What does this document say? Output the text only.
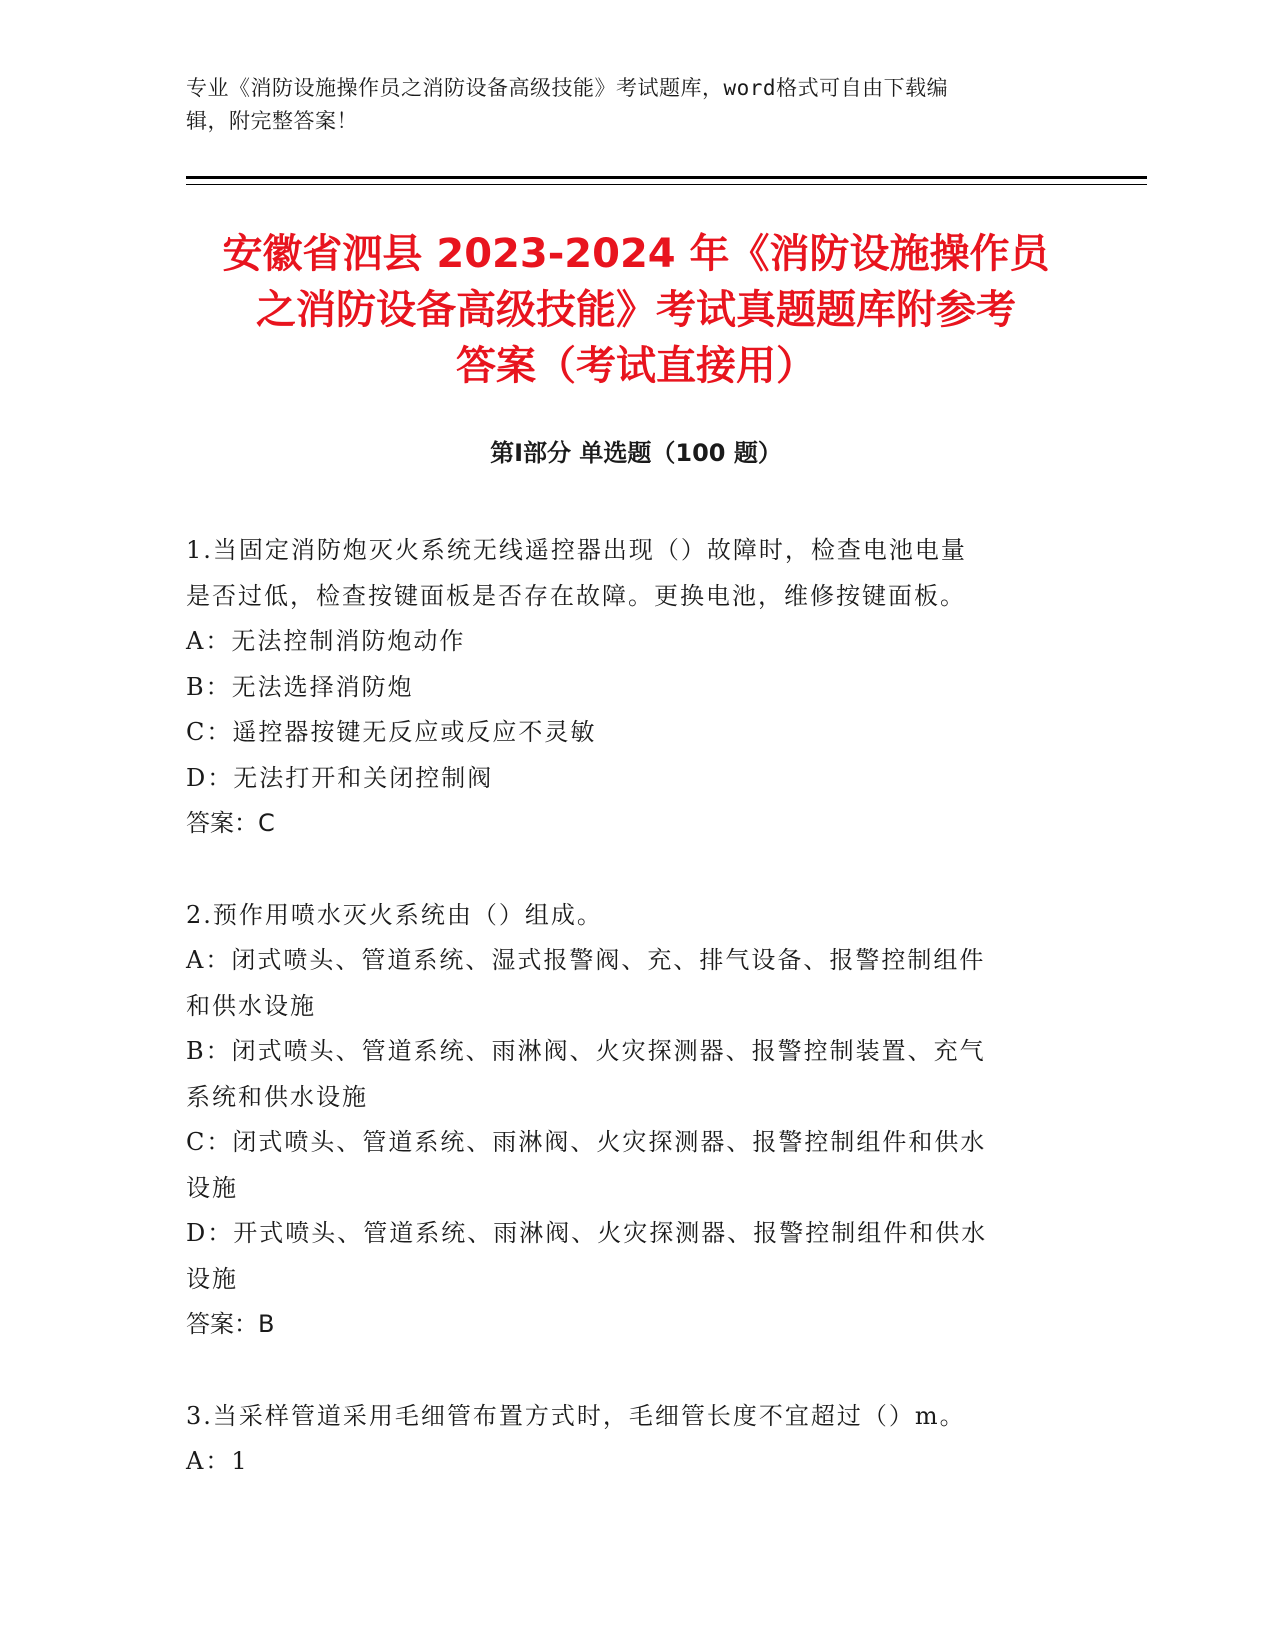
专业《消防设施操作员之消防设备高级技能》考试题库，word格式可自由下载编
辑，附完整答案！
安徽省泗县 2023-2024 年《消防设施操作员
之消防设备高级技能》考试真题题库附参考
答案（考试直接用）
第Ⅰ部分 单选题（100 题）

1.当固定消防炮灭火系统无线遥控器出现（）故障时，检查电池电量

是否过低，检查按键面板是否存在故障。更换电池，维修按键面板。

A：无法控制消防炮动作

B：无法选择消防炮

C：遥控器按键无反应或反应不灵敏

D：无法打开和关闭控制阀

答案：C

2.预作用喷水灭火系统由（）组成。

A：闭式喷头、管道系统、湿式报警阀、充、排气设备、报警控制组件

和供水设施

B：闭式喷头、管道系统、雨淋阀、火灾探测器、报警控制装置、充气

系统和供水设施

C：闭式喷头、管道系统、雨淋阀、火灾探测器、报警控制组件和供水

设施

D：开式喷头、管道系统、雨淋阀、火灾探测器、报警控制组件和供水

设施

答案：B

3.当采样管道采用毛细管布置方式时，毛细管长度不宜超过（）m。

A：1
